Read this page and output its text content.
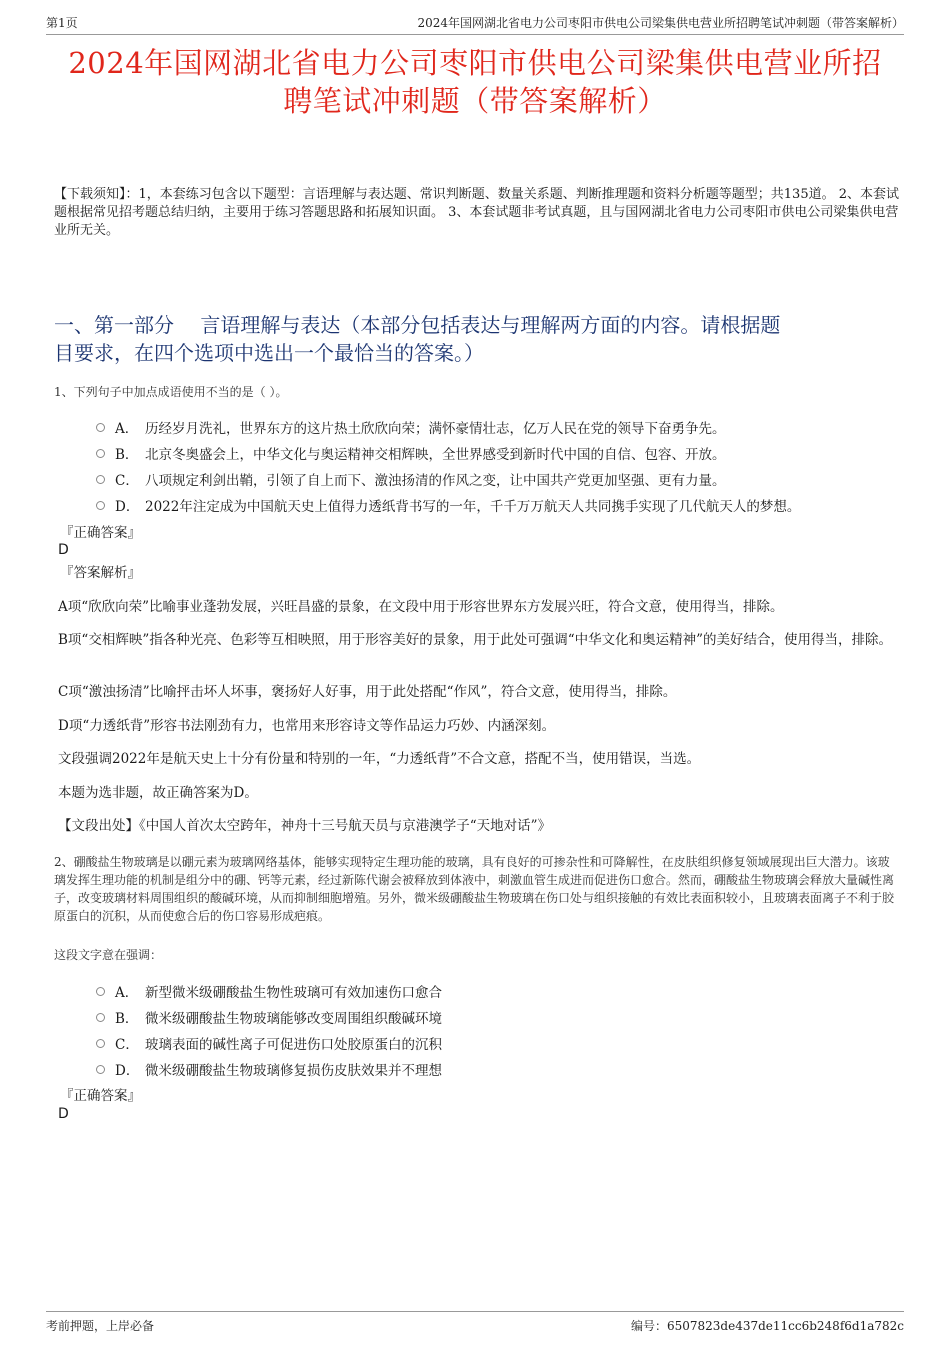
第1页	2024年国网湖北省电力公司枣阳市供电公司梁集供电营业所招聘笔试冲刺题（带答案解析）
2024年国网湖北省电力公司枣阳市供电公司梁集供电营业所招
聘笔试冲刺题（带答案解析）
【下载须知】：1，本套练习包含以下题型：言语理解与表达题、常识判断题、数量关系题、判断推理题和资料分析题等题型；共135道。 2、本套试题根据常见招考题总结归纳，主要用于练习答题思路和拓展知识面。 3、本套试题非考试真题，且与国网湖北省电力公司枣阳市供电公司梁集供电营业所无关。
一、第一部分　 言语理解与表达（本部分包括表达与理解两方面的内容。请根据题
目要求，在四个选项中选出一个最恰当的答案。）
1、下列句子中加点成语使用不当的是（ ）。
A． 历经岁月洗礼，世界东方的这片热土欣欣向荣；满怀豪情壮志，亿万人民在党的领导下奋勇争先。
B． 北京冬奥盛会上，中华文化与奥运精神交相辉映，全世界感受到新时代中国的自信、包容、开放。
C． 八项规定利剑出鞘，引领了自上而下、激浊扬清的作风之变，让中国共产党更加坚强、更有力量。
D． 2022年注定成为中国航天史上值得力透纸背书写的一年，千千万万航天人共同携手实现了几代航天人的梦想。
『正确答案』
D
『答案解析』
A项“欣欣向荣”比喻事业蓬勃发展，兴旺昌盛的景象，在文段中用于形容世界东方发展兴旺，符合文意，使用得当，排除。
B项“交相辉映”指各种光亮、色彩等互相映照，用于形容美好的景象，用于此处可强调“中华文化和奥运精神”的美好结合，使用得当，排除。
C项“激浊扬清”比喻抨击坏人坏事，褒扬好人好事，用于此处搭配“作风”，符合文意，使用得当，排除。
D项“力透纸背”形容书法刚劲有力，也常用来形容诗文等作品运力巧妙、内涵深刻。
文段强调2022年是航天史上十分有份量和特别的一年，“力透纸背”不合文意，搭配不当，使用错误，当选。
本题为选非题，故正确答案为D。
【文段出处】《中国人首次太空跨年，神舟十三号航天员与京港澳学子“天地对话”》
2、硼酸盐生物玻璃是以硼元素为玻璃网络基体，能够实现特定生理功能的玻璃，具有良好的可掺杂性和可降解性，在皮肤组织修复领域展现出巨大潜力。该玻璃发挥生理功能的机制是组分中的硼、钙等元素，经过新陈代谢会被释放到体液中，刺激血管生成进而促进伤口愈合。然而，硼酸盐生物玻璃会释放大量碱性离子，改变玻璃材料周围组织的酸碱环境，从而抑制细胞增殖。另外，微米级硼酸盐生物玻璃在伤口处与组织接触的有效比表面积较小，且玻璃表面离子不利于胶原蛋白的沉积，从而使愈合后的伤口容易形成疤痕。
这段文字意在强调：
A． 新型微米级硼酸盐生物性玻璃可有效加速伤口愈合
B． 微米级硼酸盐生物玻璃能够改变周围组织酸碱环境
C． 玻璃表面的碱性离子可促进伤口处胶原蛋白的沉积
D． 微米级硼酸盐生物玻璃修复损伤皮肤效果并不理想
『正确答案』
D
考前押题，上岸必备	编号：6507823de437de11cc6b248f6d1a782c
